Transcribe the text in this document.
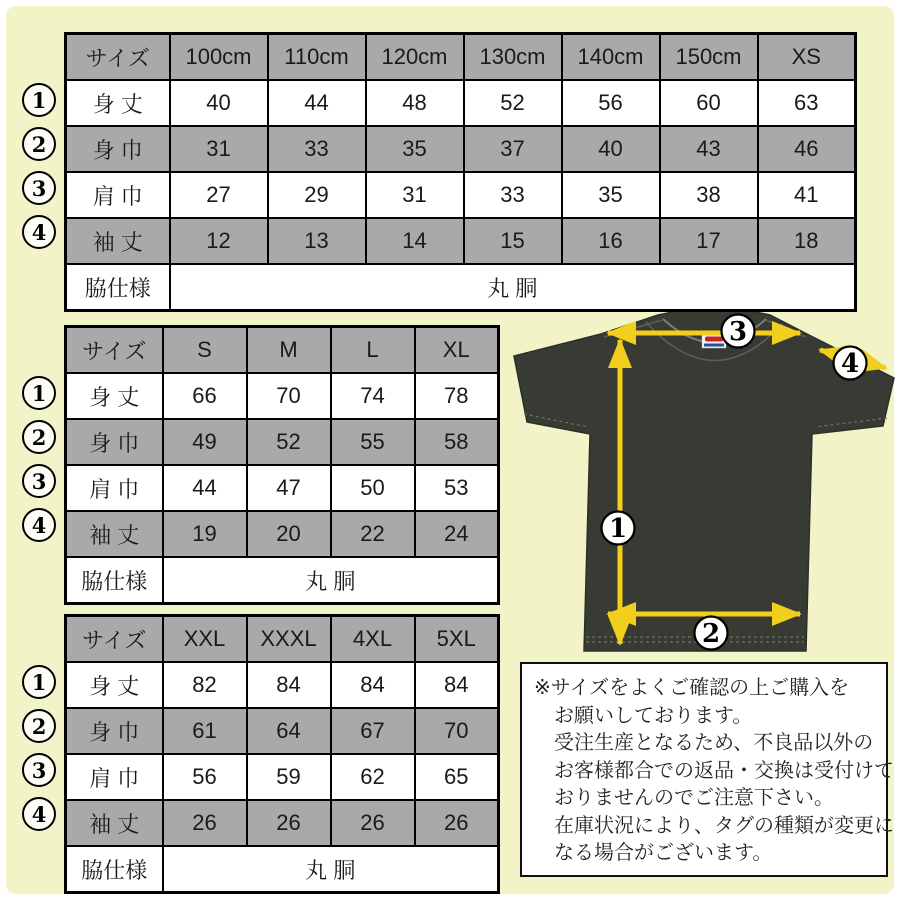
1
2
3
4
サイズ	100cm	110cm	120cm	130cm	140cm	150cm	XS
身 丈	40	44	48	52	56	60	63
身 巾	31	33	35	37	40	43	46
肩 巾	27	29	31	33	35	38	41
袖 丈	12	13	14	15	16	17	18
脇仕様	丸 胴						
1
2
3
4
サイズ	S	M	L	XL
身 丈	66	70	74	78
身 巾	49	52	55	58
肩 巾	44	47	50	53
袖 丈	19	20	22	24
脇仕様	丸 胴			
1
2
3
4
サイズ	XXL	XXXL	4XL	5XL
身 丈	82	84	84	84
身 巾	61	64	67	70
肩 巾	56	59	62	65
袖 丈	26	26	26	26
脇仕様	丸 胴			
3
4
1
2
※サイズをよくご確認の上ご購入を
　お願いしております。
　受注生産となるため、不良品以外の
　お客様都合での返品・交換は受付けて
　おりませんのでご注意下さい。
　在庫状況により、タグの種類が変更に
　なる場合がございます。
